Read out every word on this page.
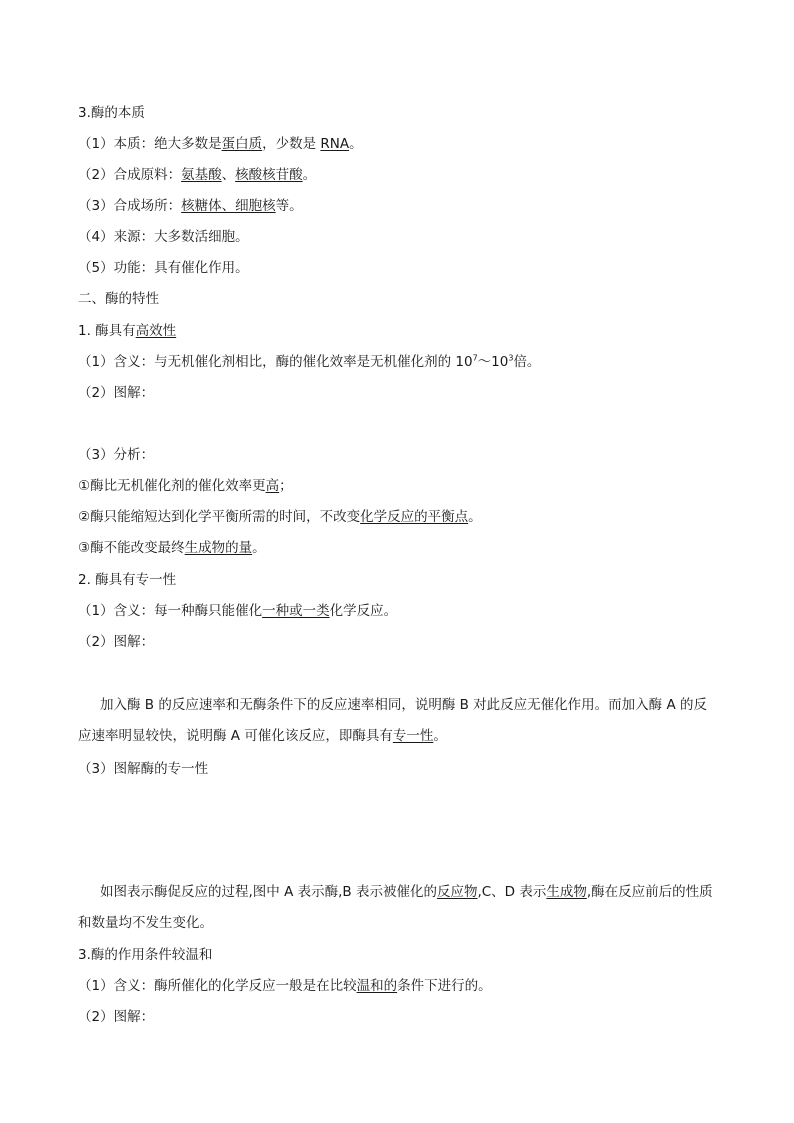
3.酶的本质
（1）本质：绝大多数是蛋白质，少数是 RNA。
（2）合成原料：氨基酸、核酸核苷酸。
（3）合成场所：核糖体、细胞核等。
（4）来源：大多数活细胞。
（5）功能：具有催化作用。
二、酶的特性
1. 酶具有高效性
（1）含义：与无机催化剂相比，酶的催化效率是无机催化剂的 $10^7\sim 10^3$倍。
（2）图解：
（3）分析：
①酶比无机催化剂的催化效率更高；
②酶只能缩短达到化学平衡所需的时间，不改变化学反应的平衡点。
③酶不能改变最终生成物的量。
2. 酶具有专一性
（1）含义：每一种酶只能催化一种或一类化学反应。
（2）图解：
加入酶 B 的反应速率和无酶条件下的反应速率相同，说明酶 B 对此反应无催化作用。而加入酶 A 的反应速率明显较快，说明酶 A 可催化该反应，即酶具有专一性。
（3）图解酶的专一性
如图表示酶促反应的过程,图中 A 表示酶,B 表示被催化的反应物,C、D 表示生成物,酶在反应前后的性质和数量均不发生变化。
3.酶的作用条件较温和
（1）含义：酶所催化的化学反应一般是在比较温和的条件下进行的。
（2）图解：
